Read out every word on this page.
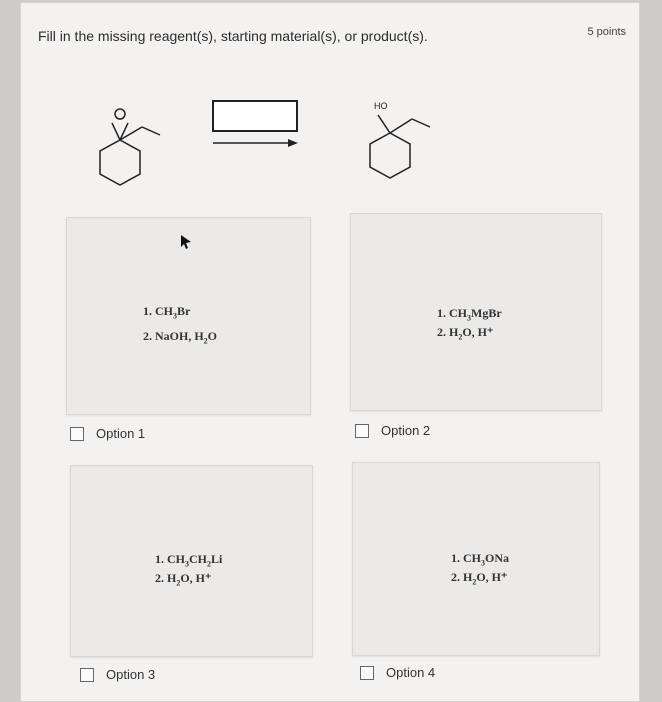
Fill in the missing reagent(s), starting material(s), or product(s).	5 points
HO
1. $CH_3Br$
2. NaOH, $H_2O$
1. $CH_3MgBr$
2. $H_2O$, H⁺
Option 1	Option 2
1. $CH_3CH_2Li$
2. $H_2O$, H⁺
1. $CH_3ONa$
2. $H_2O$, H⁺
Option 3	Option 4
